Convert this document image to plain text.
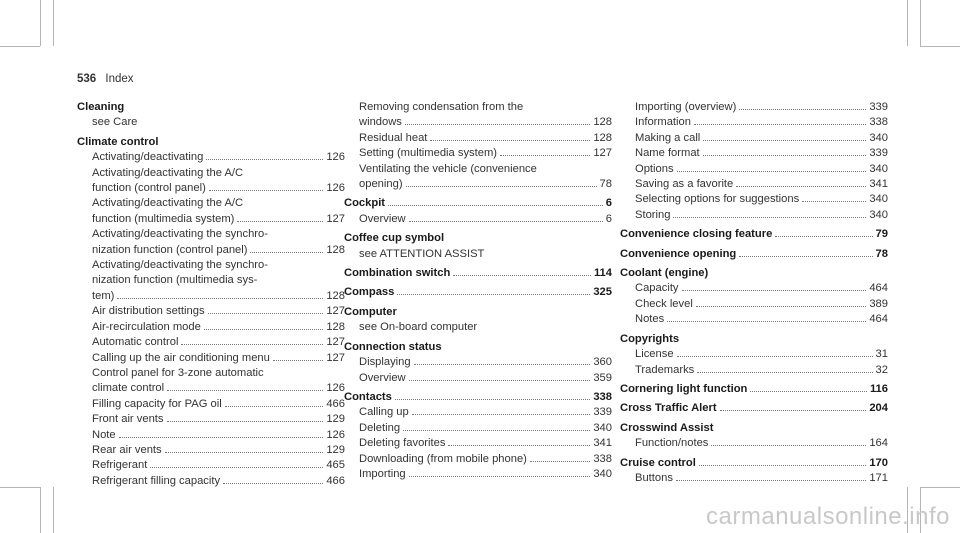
536 Index
Cleaning
see Care
Climate control
Activating/deactivating	126
Activating/deactivating the A/C
function (control panel)	126
Activating/deactivating the A/C
function (multimedia system)	127
Activating/deactivating the synchro-
nization function (control panel)	128
Activating/deactivating the synchro-
nization function (multimedia sys-
tem)	128
Air distribution settings	127
Air-recirculation mode	128
Automatic control	127
Calling up the air conditioning menu	127
Control panel for 3-zone automatic
climate control	126
Filling capacity for PAG oil	466
Front air vents	129
Note	126
Rear air vents	129
Refrigerant	465
Refrigerant filling capacity	466
Removing condensation from the
windows	128
Residual heat	128
Setting (multimedia system)	127
Ventilating the vehicle (convenience
opening)	78
Cockpit	6
Overview	6
Coffee cup symbol
see ATTENTION ASSIST
Combination switch	114
Compass	325
Computer
see On-board computer
Connection status
Displaying	360
Overview	359
Contacts	338
Calling up	339
Deleting	340
Deleting favorites	341
Downloading (from mobile phone)	338
Importing	340
Importing (overview)	339
Information	338
Making a call	340
Name format	339
Options	340
Saving as a favorite	341
Selecting options for suggestions	340
Storing	340
Convenience closing feature	79
Convenience opening	78
Coolant (engine)
Capacity	464
Check level	389
Notes	464
Copyrights
License	31
Trademarks	32
Cornering light function	116
Cross Traffic Alert	204
Crosswind Assist
Function/notes	164
Cruise control	170
Buttons	171
carmanualsonline.info
